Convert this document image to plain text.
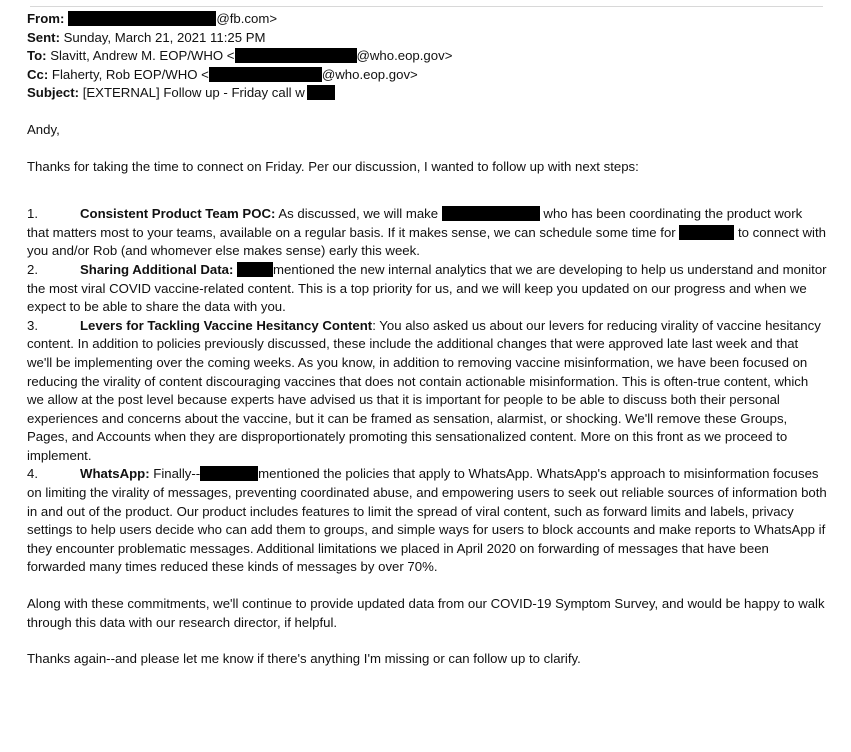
From:	@fb.com>
Sent: Sunday, March 21, 2021 11:25 PM
To: Slavitt, Andrew M. EOP/WHO <	@who.eop.gov>
Cc: Flaherty, Rob EOP/WHO <	@who.eop.gov>
Subject: [EXTERNAL] Follow up - Friday call w

Andy,

Thanks for taking the time to connect on Friday. Per our discussion, I wanted to follow up with next steps:

1.	Consistent Product Team POC: As discussed, we will make	who has been coordinating the product work that matters most to your teams, available on a regular basis. If it makes sense, we can schedule some time for	to connect with you and/or Rob (and whomever else makes sense) early this week.
2.	Sharing Additional Data:	mentioned the new internal analytics that we are developing to help us understand and monitor the most viral COVID vaccine-related content. This is a top priority for us, and we will keep you updated on our progress and when we expect to be able to share the data with you.
3.	Levers for Tackling Vaccine Hesitancy Content: You also asked us about our levers for reducing virality of vaccine hesitancy content. In addition to policies previously discussed, these include the additional changes that were approved late last week and that we'll be implementing over the coming weeks. As you know, in addition to removing vaccine misinformation, we have been focused on reducing the virality of content discouraging vaccines that does not contain actionable misinformation. This is often-true content, which we allow at the post level because experts have advised us that it is important for people to be able to discuss both their personal experiences and concerns about the vaccine, but it can be framed as sensation, alarmist, or shocking. We'll remove these Groups, Pages, and Accounts when they are disproportionately promoting this sensationalized content. More on this front as we proceed to implement.
4.	WhatsApp: Finally--	mentioned the policies that apply to WhatsApp. WhatsApp's approach to misinformation focuses on limiting the virality of messages, preventing coordinated abuse, and empowering users to seek out reliable sources of information both in and out of the product. Our product includes features to limit the spread of viral content, such as forward limits and labels, privacy settings to help users decide who can add them to groups, and simple ways for users to block accounts and make reports to WhatsApp if they encounter problematic messages. Additional limitations we placed in April 2020 on forwarding of messages that have been forwarded many times reduced these kinds of messages by over 70%.

Along with these commitments, we'll continue to provide updated data from our COVID-19 Symptom Survey, and would be happy to walk through this data with our research director, if helpful.

Thanks again--and please let me know if there's anything I'm missing or can follow up to clarify.
